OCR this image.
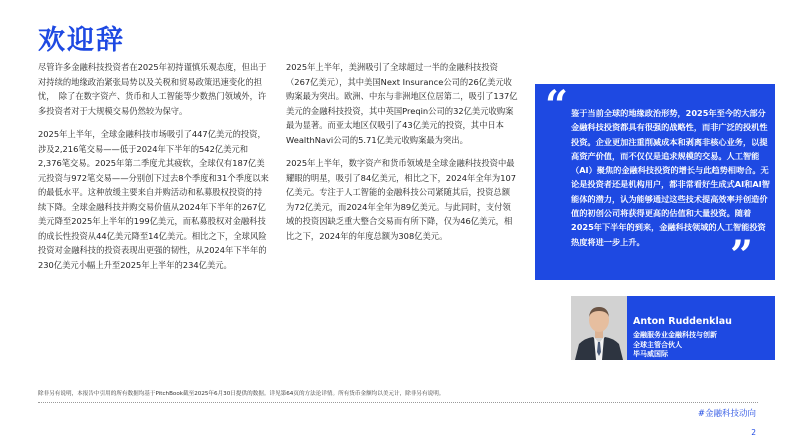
欢迎辞

尽管许多金融科技投资者在2025年初持谨慎乐观态度，但出于对持续的地缘政治紧张局势以及关税和贸易政策迅速变化的担忧，　除了在数字资产、货币和人工智能等少数热门领域外，许多投资者对于大规模交易仍然较为保守。

2025年上半年，全球金融科技市场吸引了447亿美元的投资，涉及2,216笔交易——低于2024年下半年的542亿美元和2,376笔交易。2025年第二季度尤其疲软，全球仅有187亿美元投资与972笔交易——分别创下过去8个季度和31个季度以来的最低水平。这种放缓主要来自并购活动和私募股权投资的持续下降。全球金融科技并购交易价值从2024年下半年的267亿美元降至2025年上半年的199亿美元，而私募股权对金融科技的成长性投资从44亿美元降至14亿美元。相比之下，全球风险投资对金融科技的投资表现出更强的韧性，从2024年下半年的230亿美元小幅上升至2025年上半年的234亿美元。

2025年上半年，美洲吸引了全球超过一半的金融科技投资（267亿美元），其中美国Next Insurance公司的26亿美元收购案最为突出。欧洲、中东与非洲地区位居第二，吸引了137亿美元的金融科技投资，其中英国Preqin公司的32亿美元收购案最为显著。而亚太地区仅吸引了43亿美元的投资，其中日本WealthNavi公司的5.71亿美元收购案最为突出。

2025年上半年，数字资产和货币领域是全球金融科技投资中最耀眼的明星，吸引了84亿美元，相比之下，2024年全年为107亿美元。专注于人工智能的金融科技公司紧随其后，投资总额为72亿美元，而2024年全年为89亿美元。与此同时，支付领域的投资因缺乏重大整合交易而有所下降，仅为46亿美元，相比之下，2024年的年度总额为308亿美元。

“ 鉴于当前全球的地缘政治形势，2025年至今的大部分金融科技投资都具有很强的战略性，而非广泛的投机性投资。企业更加注重削减成本和剥离非核心业务，以提高资产价值，而不仅仅是追求规模的交易。人工智能（AI）聚焦的金融科技投资的增长与此趋势相吻合。无论是投资者还是机构用户，都非常看好生成式AI和AI智能体的潜力，认为能够通过这些技术提高效率并创造价值的初创公司将获得更高的估值和大量投资。随着2025年下半年的到来，金融科技领域的人工智能投资热度将进一步上升。	”
Anton Ruddenklau
金融服务业金融科技与创新
全球主管合伙人
毕马威国际
除非另有说明，本报告中引用的所有数据均基于PitchBook截至2025年6月30日提供的数据。详见第64页的方法论详情。所有货币金额均以美元计，除非另有说明。
#金融科技动向
2
